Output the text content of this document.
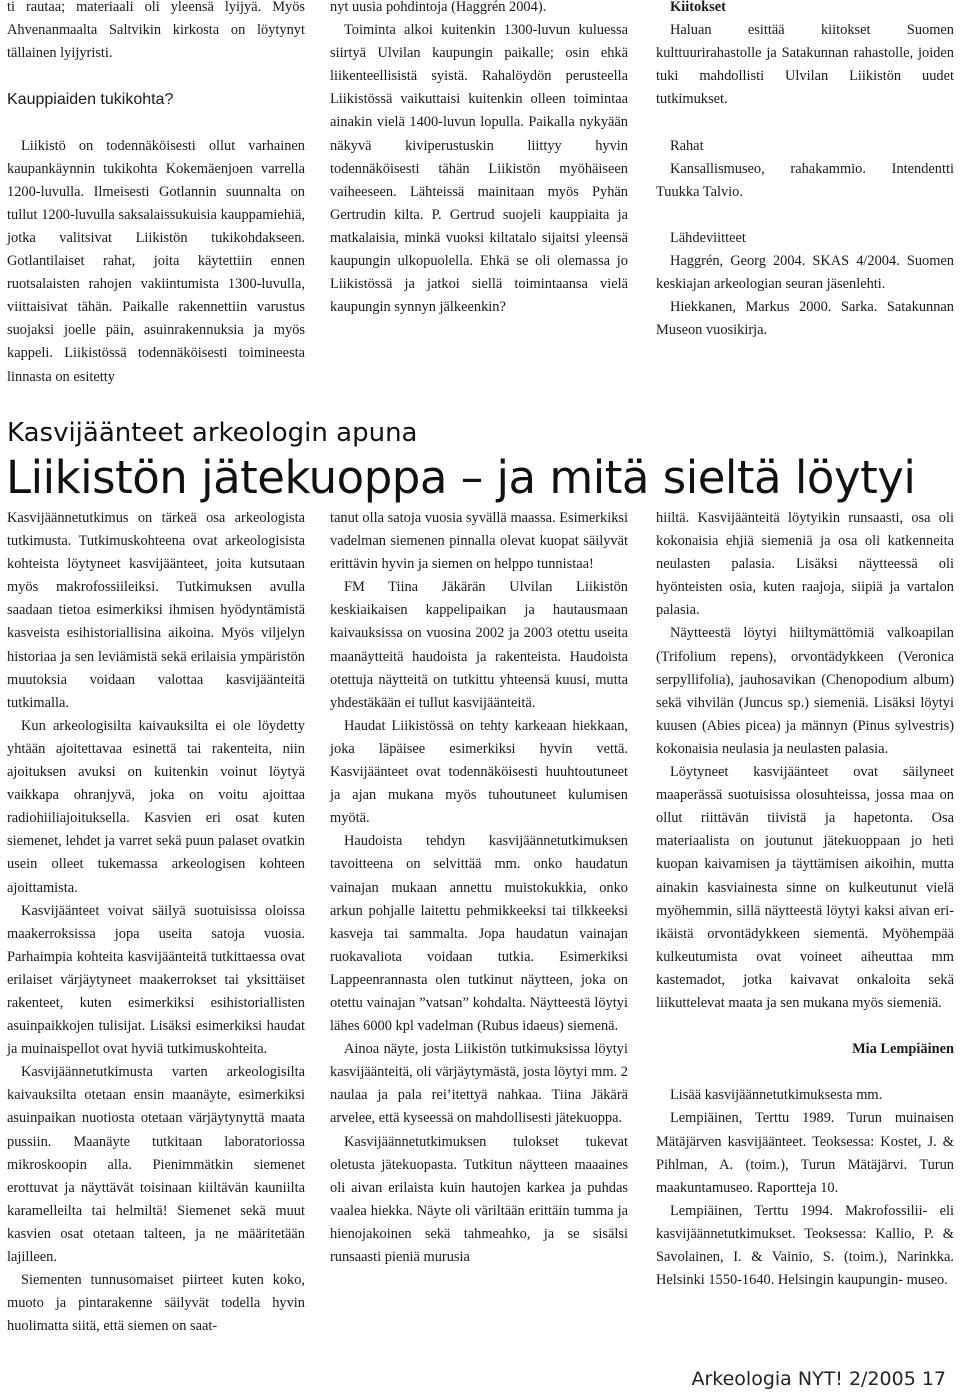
ti rautaa; materiaali oli yleensä lyijyä. Myös Ahvenanmaalta Saltvikin kirkosta on löytynyt tällainen lyijyristi.

Kauppiaiden tukikohta?

Liikistö on todennäköisesti ollut varhainen kaupankäynnin tukikohta Kokemäenjoen varrella 1200-luvulla. Ilmeisesti Gotlannin suunnalta on tullut 1200-luvulla saksalaissukuisia kauppamiehiä, jotka valitsivat Liikistön tukikohdakseen. Gotlantilaiset rahat, joita käytettiin ennen ruotsalaisten rahojen vakiintumista 1300-luvulla, viittaisivat tähän. Paikalle rakennettiin varustus suojaksi joelle päin, asuinrakennuksia ja myös kappeli. Liikistössä todennäköisesti toimineesta linnasta on esitetty

nyt uusia pohdintoja (Haggrén 2004).

Toiminta alkoi kuitenkin 1300-luvun kuluessa siirtyä Ulvilan kaupungin paikalle; osin ehkä liikenteellisistä syistä. Rahalöydön perusteella Liikistössä vaikuttaisi kuitenkin olleen toimintaa ainakin vielä 1400-luvun lopulla. Paikalla nykyään näkyvä kiviperustuskin liittyy hyvin todennäköisesti tähän Liikistön myöhäiseen vaiheeseen. Lähteissä mainitaan myös Pyhän Gertrudin kilta. P. Gertrud suojeli kauppiaita ja matkalaisia, minkä vuoksi kiltatalo sijaitsi yleensä kaupungin ulkopuolella. Ehkä se oli olemassa jo Liikistössä ja jatkoi siellä toimintaansa vielä kaupungin synnyn jälkeenkin?

Kiitokset

Haluan esittää kiitokset Suomen kulttuurirahastolle ja Satakunnan rahastolle, joiden tuki mahdollisti Ulvilan Liikistön uudet tutkimukset.

Rahat

Kansallismuseo, rahakammio. Intendentti Tuukka Talvio.

Lähdeviitteet

Haggrén, Georg 2004. SKAS 4/2004. Suomen keskiajan arkeologian seuran jäsenlehti.

Hiekkanen, Markus 2000. Sarka. Satakunnan Museon vuosikirja.

Kasvijäänteet arkeologin apuna
Liikistön jätekuoppa – ja mitä sieltä löytyi

Kasvijäännetutkimus on tärkeä osa arkeologista tutkimusta. Tutkimuskohteena ovat arkeologisista kohteista löytyneet kasvijäänteet, joita kutsutaan myös makrofossiileiksi. Tutkimuksen avulla saadaan tietoa esimerkiksi ihmisen hyödyntämistä kasveista esihistoriallisina aikoina. Myös viljelyn historiaa ja sen leviämistä sekä erilaisia ympäristön muutoksia voidaan valottaa kasvijäänteitä tutkimalla.

Kun arkeologisilta kaivauksilta ei ole löydetty yhtään ajoitettavaa esinettä tai rakenteita, niin ajoituksen avuksi on kuitenkin voinut löytyä vaikkapa ohranjyvä, joka on voitu ajoittaa radiohiiliajoituksella. Kasvien eri osat kuten siemenet, lehdet ja varret sekä puun palaset ovatkin usein olleet tukemassa arkeologisen kohteen ajoittamista.

Kasvijäänteet voivat säilyä suotuisissa oloissa maakerroksissa jopa useita satoja vuosia. Parhaimpia kohteita kasvijäänteitä tutkittaessa ovat erilaiset värjäytyneet maakerrokset tai yksittäiset rakenteet, kuten esimerkiksi esihistoriallisten asuinpaikkojen tulisijat. Lisäksi esimerkiksi haudat ja muinaispellot ovat hyviä tutkimuskohteita.

Kasvijäännetutkimusta varten arkeologisilta kaivauksilta otetaan ensin maanäyte, esimerkiksi asuinpaikan nuotiosta otetaan värjäytynyttä maata pussiin. Maanäyte tutkitaan laboratoriossa mikroskoopin alla. Pienimmätkin siemenet erottuvat ja näyttävät toisinaan kiiltävän kauniilta karamelleilta tai helmiltä! Siemenet sekä muut kasvien osat otetaan talteen, ja ne määritetään lajilleen.

Siementen tunnusomaiset piirteet kuten koko, muoto ja pintarakenne säilyvät todella hyvin huolimatta siitä, että siemen on saat-

tanut olla satoja vuosia syvällä maassa. Esimerkiksi vadelman siemenen pinnalla olevat kuopat säilyvät erittävin hyvin ja siemen on helppo tunnistaa!

FM Tiina Jäkärän Ulvilan Liikistön keskiaikaisen kappelipaikan ja hautausmaan kaivauksissa on vuosina 2002 ja 2003 otettu useita maanäytteitä haudoista ja rakenteista. Haudoista otettuja näytteitä on tutkittu yhteensä kuusi, mutta yhdestäkään ei tullut kasvijäänteitä.

Haudat Liikistössä on tehty karkeaan hiekkaan, joka läpäisee esimerkiksi hyvin vettä. Kasvijäänteet ovat todennäköisesti huuhtoutuneet ja ajan mukana myös tuhoutuneet kulumisen myötä.

Haudoista tehdyn kasvijäännetutkimuksen tavoitteena on selvittää mm. onko haudatun vainajan mukaan annettu muistokukkia, onko arkun pohjalle laitettu pehmikkeeksi tai tilkkeeksi kasveja tai sammalta. Jopa haudatun vainajan ruokavaliota voidaan tutkia. Esimerkiksi Lappeenrannasta olen tutkinut näytteen, joka on otettu vainajan ”vatsan” kohdalta. Näytteestä löytyi lähes 6000 kpl vadelman (Rubus idaeus) siemenä.

Ainoa näyte, josta Liikistön tutkimuksissa löytyi kasvijäänteitä, oli värjäytymästä, josta löytyi mm. 2 naulaa ja pala rei’itettyä nahkaa. Tiina Jäkärä arvelee, että kyseessä on mahdollisesti jätekuoppa.

Kasvijäännetutkimuksen tulokset tukevat oletusta jätekuopasta. Tutkitun näytteen maaaines oli aivan erilaista kuin hautojen karkea ja puhdas vaalea hiekka. Näyte oli väriltään erittäin tumma ja hienojakoinen sekä tahmeahko, ja se sisälsi runsaasti pieniä murusia

hiiltä. Kasvijäänteitä löytyikin runsaasti, osa oli kokonaisia ehjiä siemeniä ja osa oli katkenneita neulasten palasia. Lisäksi näytteessä oli hyönteisten osia, kuten raajoja, siipiä ja vartalon palasia.

Näytteestä löytyi hiiltymättömiä valkoapilan (Trifolium repens), orvontädykkeen (Veronica serpyllifolia), jauhosavikan (Chenopodium album) sekä vihvilän (Juncus sp.) siemeniä. Lisäksi löytyi kuusen (Abies picea) ja männyn (Pinus sylvestris) kokonaisia neulasia ja neulasten palasia.

Löytyneet kasvijäänteet ovat säilyneet maaperässä suotuisissa olosuhteissa, jossa maa on ollut riittävän tiivistä ja hapetonta. Osa materiaalista on joutunut jätekuoppaan jo heti kuopan kaivamisen ja täyttämisen aikoihin, mutta ainakin kasviainesta sinne on kulkeutunut vielä myöhemmin, sillä näytteestä löytyi kaksi aivan eri-ikäistä orvontädykkeen siementä. Myöhempää kulkeutumista ovat voineet aiheuttaa mm kastemadot, jotka kaivavat onkaloita sekä liikuttelevat maata ja sen mukana myös siemeniä.

Mia Lempiäinen

Lisää kasvijäännetutkimuksesta mm.

Lempiäinen, Terttu 1989. Turun muinaisen Mätäjärven kasvijäänteet. Teoksessa: Kostet, J. & Pihlman, A. (toim.), Turun Mätäjärvi. Turun maakuntamuseo. Raportteja 10.

Lempiäinen, Terttu 1994. Makrofossilii- eli kasvijäännetutkimukset. Teoksessa: Kallio, P. & Savolainen, I. & Vainio, S. (toim.), Narinkka. Helsinki 1550-1640. Helsingin kaupungin- museo.

Arkeologia NYT! 2/2005 17
